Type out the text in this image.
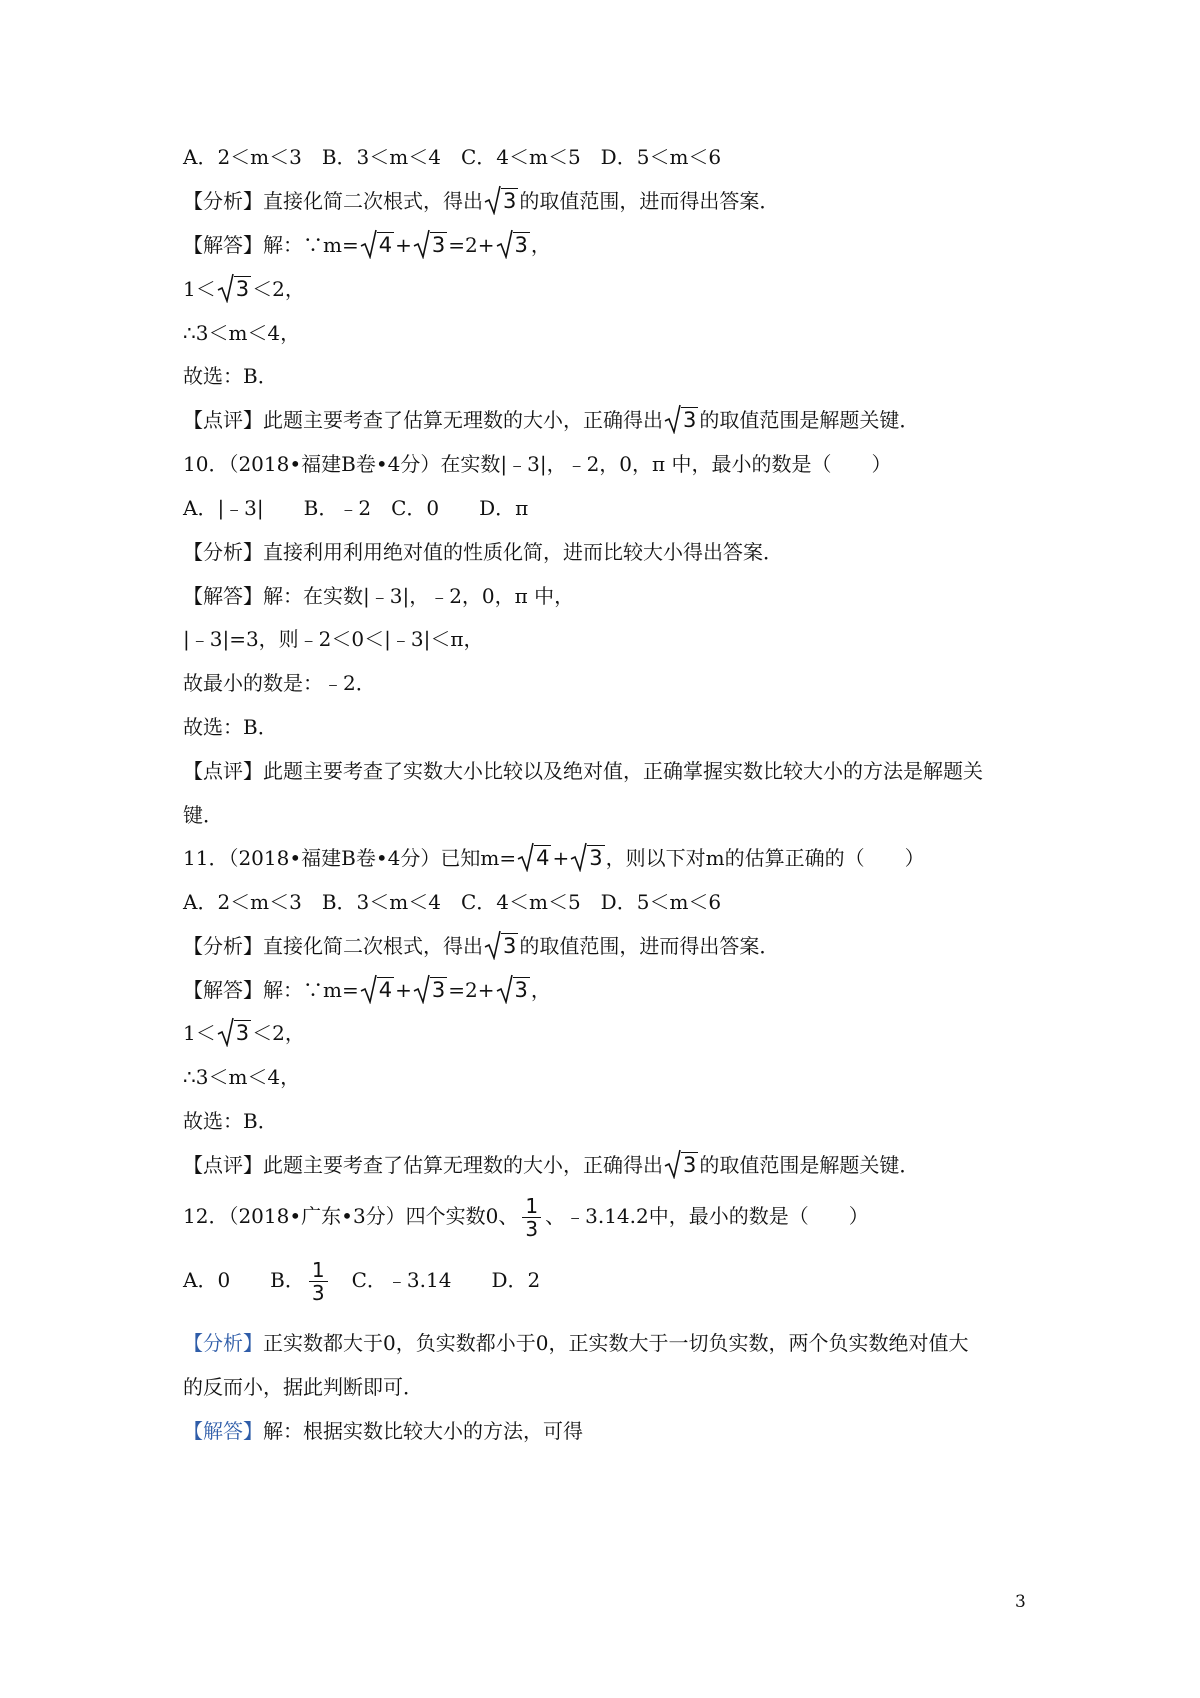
A．2＜m＜3　B．3＜m＜4　C．4＜m＜5　D．5＜m＜6
【分析】直接化简二次根式，得出 3 的取值范围，进而得出答案．
【解答】解：∵m= 4 + 3 =2+ 3 ，
1＜ 3 ＜2，
∴3＜m＜4，
故选：B．
【点评】此题主要考查了估算无理数的大小，正确得出 3 的取值范围是解题关键．
10．（2018•福建B卷•4分）在实数|﹣3|，﹣2，0，π 中，最小的数是（　　）
A．|﹣3|　　B．﹣2　C．0　　D．π
【分析】直接利用利用绝对值的性质化简，进而比较大小得出答案．
【解答】解：在实数|﹣3|，﹣2，0，π 中，
|﹣3|=3，则﹣2＜0＜|﹣3|＜π，
故最小的数是：﹣2．
故选：B．
【点评】此题主要考查了实数大小比较以及绝对值，正确掌握实数比较大小的方法是解题关
键．
11．（2018•福建B卷•4分）已知m= 4 + 3 ，则以下对m的估算正确的（　　）
A．2＜m＜3　B．3＜m＜4　C．4＜m＜5　D．5＜m＜6
【分析】直接化简二次根式，得出 3 的取值范围，进而得出答案．
【解答】解：∵m= 4 + 3 =2+ 3 ，
1＜ 3 ＜2，
∴3＜m＜4，
故选：B．
【点评】此题主要考查了估算无理数的大小，正确得出 3 的取值范围是解题关键．
12．（2018•广东•3分）四个实数0、 $\frac{1}{3}$ 、﹣3.14.2中，最小的数是（　　）
A．0　　B． $\frac{1}{3}$ 　C．﹣3.14　　D．2
【分析】正实数都大于0，负实数都小于0，正实数大于一切负实数，两个负实数绝对值大
的反而小，据此判断即可．
【解答】解：根据实数比较大小的方法，可得
3
